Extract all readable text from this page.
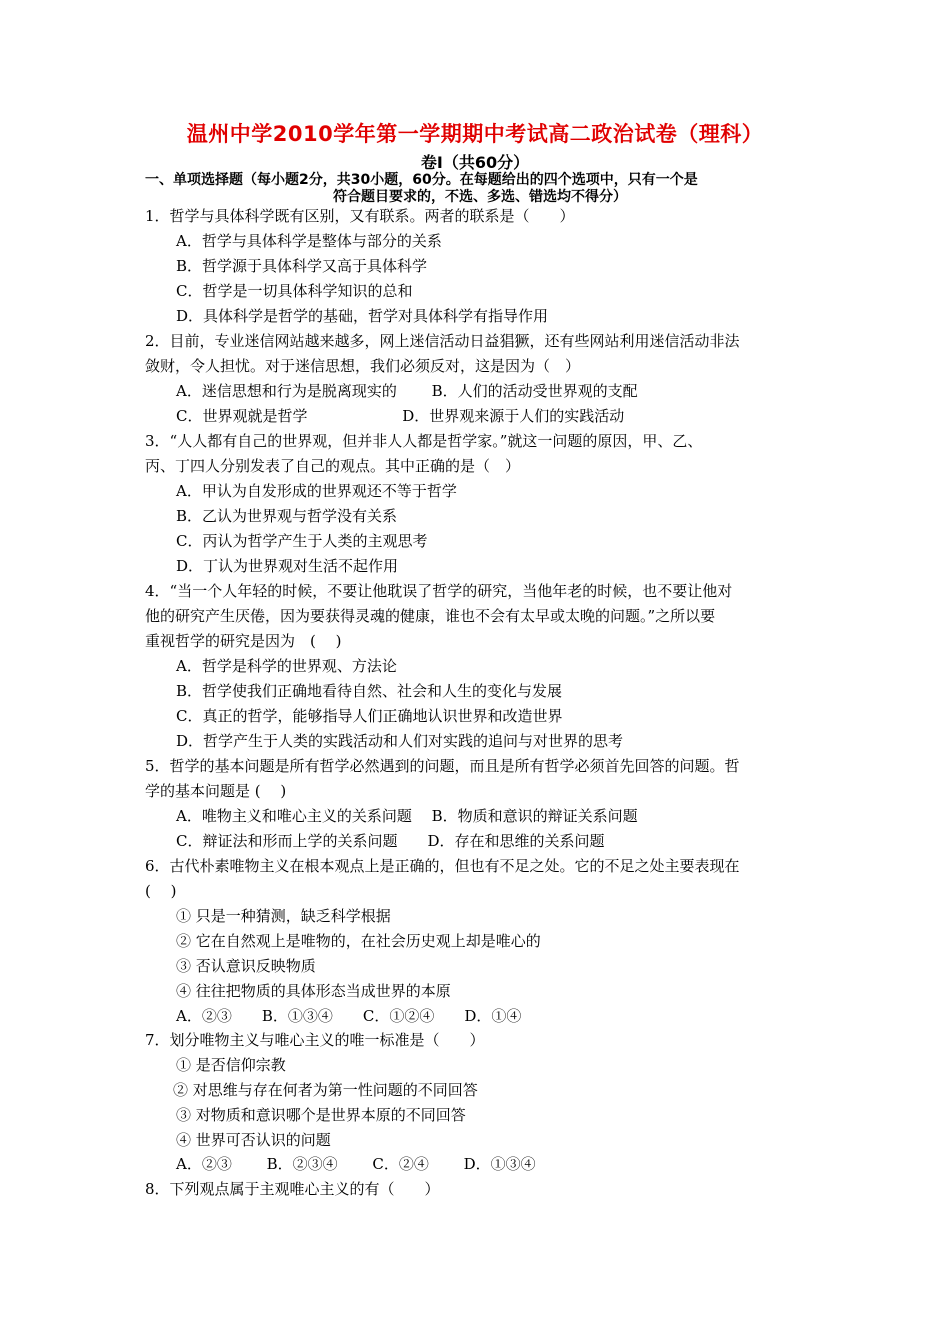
温州中学2010学年第一学期期中考试高二政治试卷（理科）
卷Ⅰ（共60分）
一、单项选择题（每小题2分，共30小题，60分。在每题给出的四个选项中，只有一个是
符合题目要求的，不选、多选、错选均不得分）
1．哲学与具体科学既有区别，又有联系。两者的联系是（　　）
A．哲学与具体科学是整体与部分的关系
B．哲学源于具体科学又高于具体科学
C．哲学是一切具体科学知识的总和
D．具体科学是哲学的基础，哲学对具体科学有指导作用
2．目前，专业迷信网站越来越多，网上迷信活动日益猖獗，还有些网站利用迷信活动非法
敛财，令人担忧。对于迷信思想，我们必须反对，这是因为（　）
A．迷信思想和行为是脱离现实的　　 B．人们的活动受世界观的支配
C．世界观就是哲学　　　　　　 D．世界观来源于人们的实践活动
3．“人人都有自己的世界观，但并非人人都是哲学家。”就这一问题的原因，甲、乙、
丙、丁四人分别发表了自己的观点。其中正确的是（　）
A．甲认为自发形成的世界观还不等于哲学
B．乙认为世界观与哲学没有关系
C．丙认为哲学产生于人类的主观思考
D．丁认为世界观对生活不起作用
4．“当一个人年轻的时候，不要让他耽误了哲学的研究，当他年老的时候，也不要让他对
他的研究产生厌倦，因为要获得灵魂的健康，谁也不会有太早或太晚的问题。”之所以要
重视哲学的研究是因为　(　 )
A．哲学是科学的世界观、方法论
B．哲学使我们正确地看待自然、社会和人生的变化与发展
C．真正的哲学，能够指导人们正确地认识世界和改造世界
D．哲学产生于人类的实践活动和人们对实践的追问与对世界的思考
5．哲学的基本问题是所有哲学必然遇到的问题，而且是所有哲学必须首先回答的问题。哲
学的基本问题是 (　 )
A．唯物主义和唯心主义的关系问题　 B．物质和意识的辩证关系问题
C．辩证法和形而上学的关系问题　　D．存在和思维的关系问题
6．古代朴素唯物主义在根本观点上是正确的，但也有不足之处。它的不足之处主要表现在
(　 )
① 只是一种猜测，缺乏科学根据
② 它在自然观上是唯物的，在社会历史观上却是唯心的
③ 否认意识反映物质
④ 往往把物质的具体形态当成世界的本原
A．②③　　B．①③④　　C．①②④　　D．①④
7．划分唯物主义与唯心主义的唯一标准是（　　）
① 是否信仰宗教
② 对思维与存在何者为第一性问题的不同回答
③ 对物质和意识哪个是世界本原的不同回答
④ 世界可否认识的问题
A．②③　　 B．②③④　　 C．②④　　 D．①③④
8．下列观点属于主观唯心主义的有（　　）
